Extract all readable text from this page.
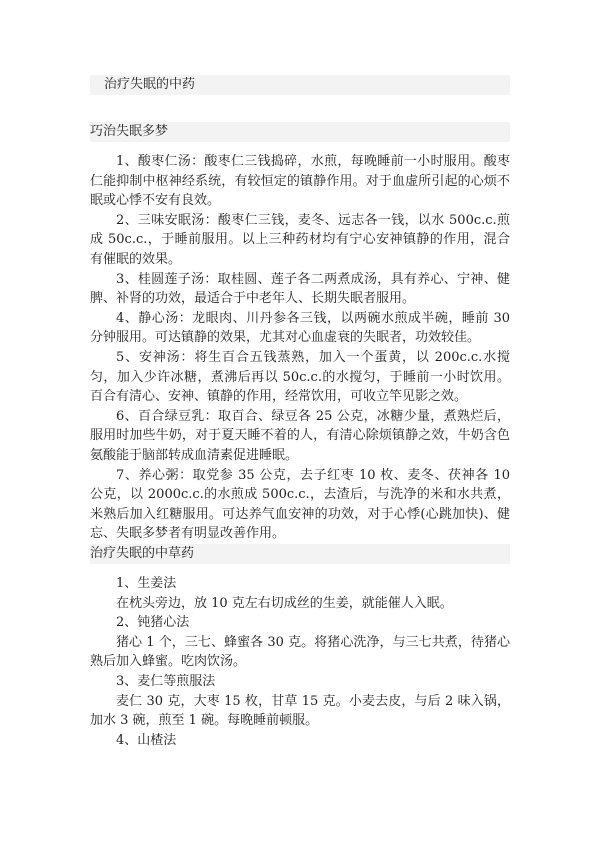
治疗失眠的中药
巧治失眠多梦

1、酸枣仁汤：酸枣仁三钱捣碎，水煎，每晚睡前一小时服用。酸枣仁能抑制中枢神经系统，有较恒定的镇静作用。对于血虚所引起的心烦不眠或心悸不安有良效。

2、三味安眠汤：酸枣仁三钱，麦冬、远志各一钱，以水 500c.c.煎成 50c.c.，于睡前服用。以上三种药材均有宁心安神镇静的作用，混合有催眠的效果。

3、桂圆莲子汤：取桂圆、莲子各二两煮成汤，具有养心、宁神、健脾、补肾的功效，最适合于中老年人、长期失眠者服用。

4、静心汤：龙眼肉、川丹参各三钱，以两碗水煎成半碗，睡前 30 分钟服用。可达镇静的效果，尤其对心血虚衰的失眠者，功效较佳。

5、安神汤：将生百合五钱蒸熟，加入一个蛋黄，以 200c.c.水搅匀，加入少许冰糖，煮沸后再以 50c.c.的水搅匀，于睡前一小时饮用。百合有清心、安神、镇静的作用，经常饮用，可收立竿见影之效。

6、百合绿豆乳：取百合、绿豆各 25 公克，冰糖少量，煮熟烂后，服用时加些牛奶，对于夏天睡不着的人，有清心除烦镇静之效，牛奶含色氨酸能于脑部转成血清素促进睡眠。

7、养心粥：取党参 35 公克，去子红枣 10 枚、麦冬、茯神各 10 公克，以 2000c.c.的水煎成 500c.c.，去渣后，与洗净的米和水共煮，米熟后加入红糖服用。可达养气血安神的功效，对于心悸(心跳加快)、健忘、失眠多梦者有明显改善作用。

治疗失眠的中草药

1、生姜法

在枕头旁边，放 10 克左右切成丝的生姜，就能催人入眠。

2、钝猪心法

猪心 1 个，三七、蜂蜜各 30 克。将猪心洗净，与三七共煮，待猪心熟后加入蜂蜜。吃肉饮汤。

3、麦仁等煎服法

麦仁 30 克，大枣 15 枚，甘草 15 克。小麦去皮，与后 2 味入锅，加水 3 碗，煎至 1 碗。每晚睡前顿服。

4、山楂法
